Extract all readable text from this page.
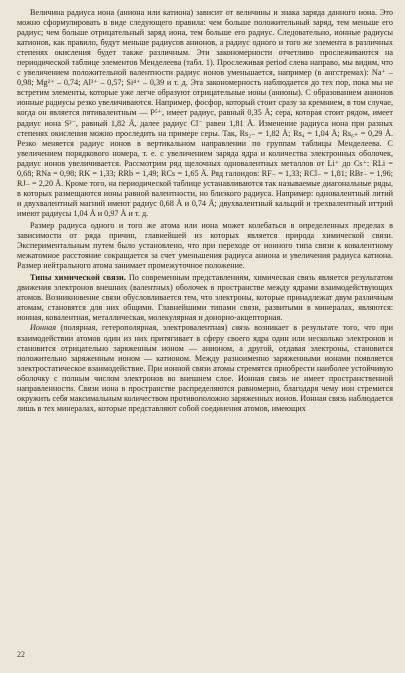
Величина радиуса иона (аниона или катиона) зависит от величины и знака заряда данного иона. Это можно сформулировать в виде следующего правила: чем больше положительный заряд, тем меньше его радиус; чем больше отрицательный заряд иона, тем больше его радиус. Следовательно, ионные радиусы катионов, как правило, будут меньше радиусов анионов, а радиус одного и того же элемента в различных степенях окисления будет также различным. Эти закономерности отчетливо прослеживаются на периодической таблице элементов Менделеева (табл. 1). Прослеживая period слева направо, мы видим, что с увеличением положительной валентности радиус ионов уменьшается, например (в ангстремах): Na⁺ – 0,98; Mg²⁺ – 0,74; Al³⁺ – 0,57; Si⁴⁺ – 0,39 и т. д. Эта закономерность наблюдается до тех пор, пока мы не встретим элементы, которые уже легче образуют отрицательные ионы (анионы). С образованием анионов ионные радиусы резко увеличиваются. Например, фосфор, который стоит сразу за кремнием, в том случае, когда он является пятивалентным — P⁵⁺, имеет радиус, равный 0,35 Å; сера, которая стоит рядом, имеет радиус иона S²⁻, равный 1,82 Å, далее радиус Cl⁻ равен 1,81 Å. Изменение радиуса иона при разных степенях окисления можно проследить на примере серы. Так, Rs₂₋ = 1,82 Å; Rs₄ = 1,04 Å; Rs₆₊ = 0,29 Å. Резко меняется радиус ионов в вертикальном направлении по группам таблицы Менделеева. С увеличением порядкового номера, т. е. с увеличением заряда ядра и количества электронных оболочек, радиус ионов увеличивается. Рассмотрим ряд щелочных одновалентных металлов от Li⁺ до Cs⁺: RLi = 0,68; RNa = 0,98; RK = 1,33; RRb = 1,49; RCs = 1,65 Å. Ряд галоидов: RF₋ = 1,33; RCl₋ = 1,81; RBr₋ = 1,96; RJ₋ = 2,20 Å. Кроме того, на периодической таблице устанавливаются так называемые диагональные ряды, в которых размещаются ионы равной валентности, но близкого радиуса. Например: одновалентный литий и двухвалентный магний имеют радиус 0,68 Å и 0,74 Å; двухвалентный кальций и трехвалентный иттрий имеют радиусы 1,04 Å и 0,97 Å и т. д.

Размер радиуса одного и того же атома или иона может колебаться в определенных пределах в зависимости от ряда причин, главнейшей из которых является природа химической связи. Экспериментальным путем было установлено, что при переходе от ионного типа связи к ковалентному межатомное расстояние сокращается за счет уменьшения радиуса аниона и увеличения радиуса катиона. Размер нейтрального атома занимает промежуточное положение.

Типы химической связи. По современным представлениям, химическая связь является результатом движения электронов внешних (валентных) оболочек в пространстве между ядрами взаимодействующих атомов. Возникновение связи обусловливается тем, что электроны, которые принадлежат двум различным атомам, становятся для них общими. Главнейшими типами связи, развитыми в минералах, являются: ионная, ковалентная, металлическая, молекулярная и донорно-акцепторная.

Ионная (полярная, гетерополярная, электровалентная) связь возникает в результате того, что при взаимодействии атомов один из них притягивает в сферу своего ядра один или несколько электронов и становится отрицательно заряженным ионом — анионом, а другой, отдавая электроны, становится положительно заряженным ионом — катионом. Между разноименно заряженными ионами появляется электростатическое взаимодействие. При ионной связи атомы стремятся приобрести наиболее устойчивую оболочку с полным числом электронов во внешнем слое. Ионная связь не имеет пространственной направленности. Связи иона в пространстве распределяются равномерно, благодаря чему ион стремится окружить себя максимальным количеством противоположно заряженных ионов. Ионная связь наблюдается лишь в тех минералах, которые представляют собой соединения атомов, имеющих

22
